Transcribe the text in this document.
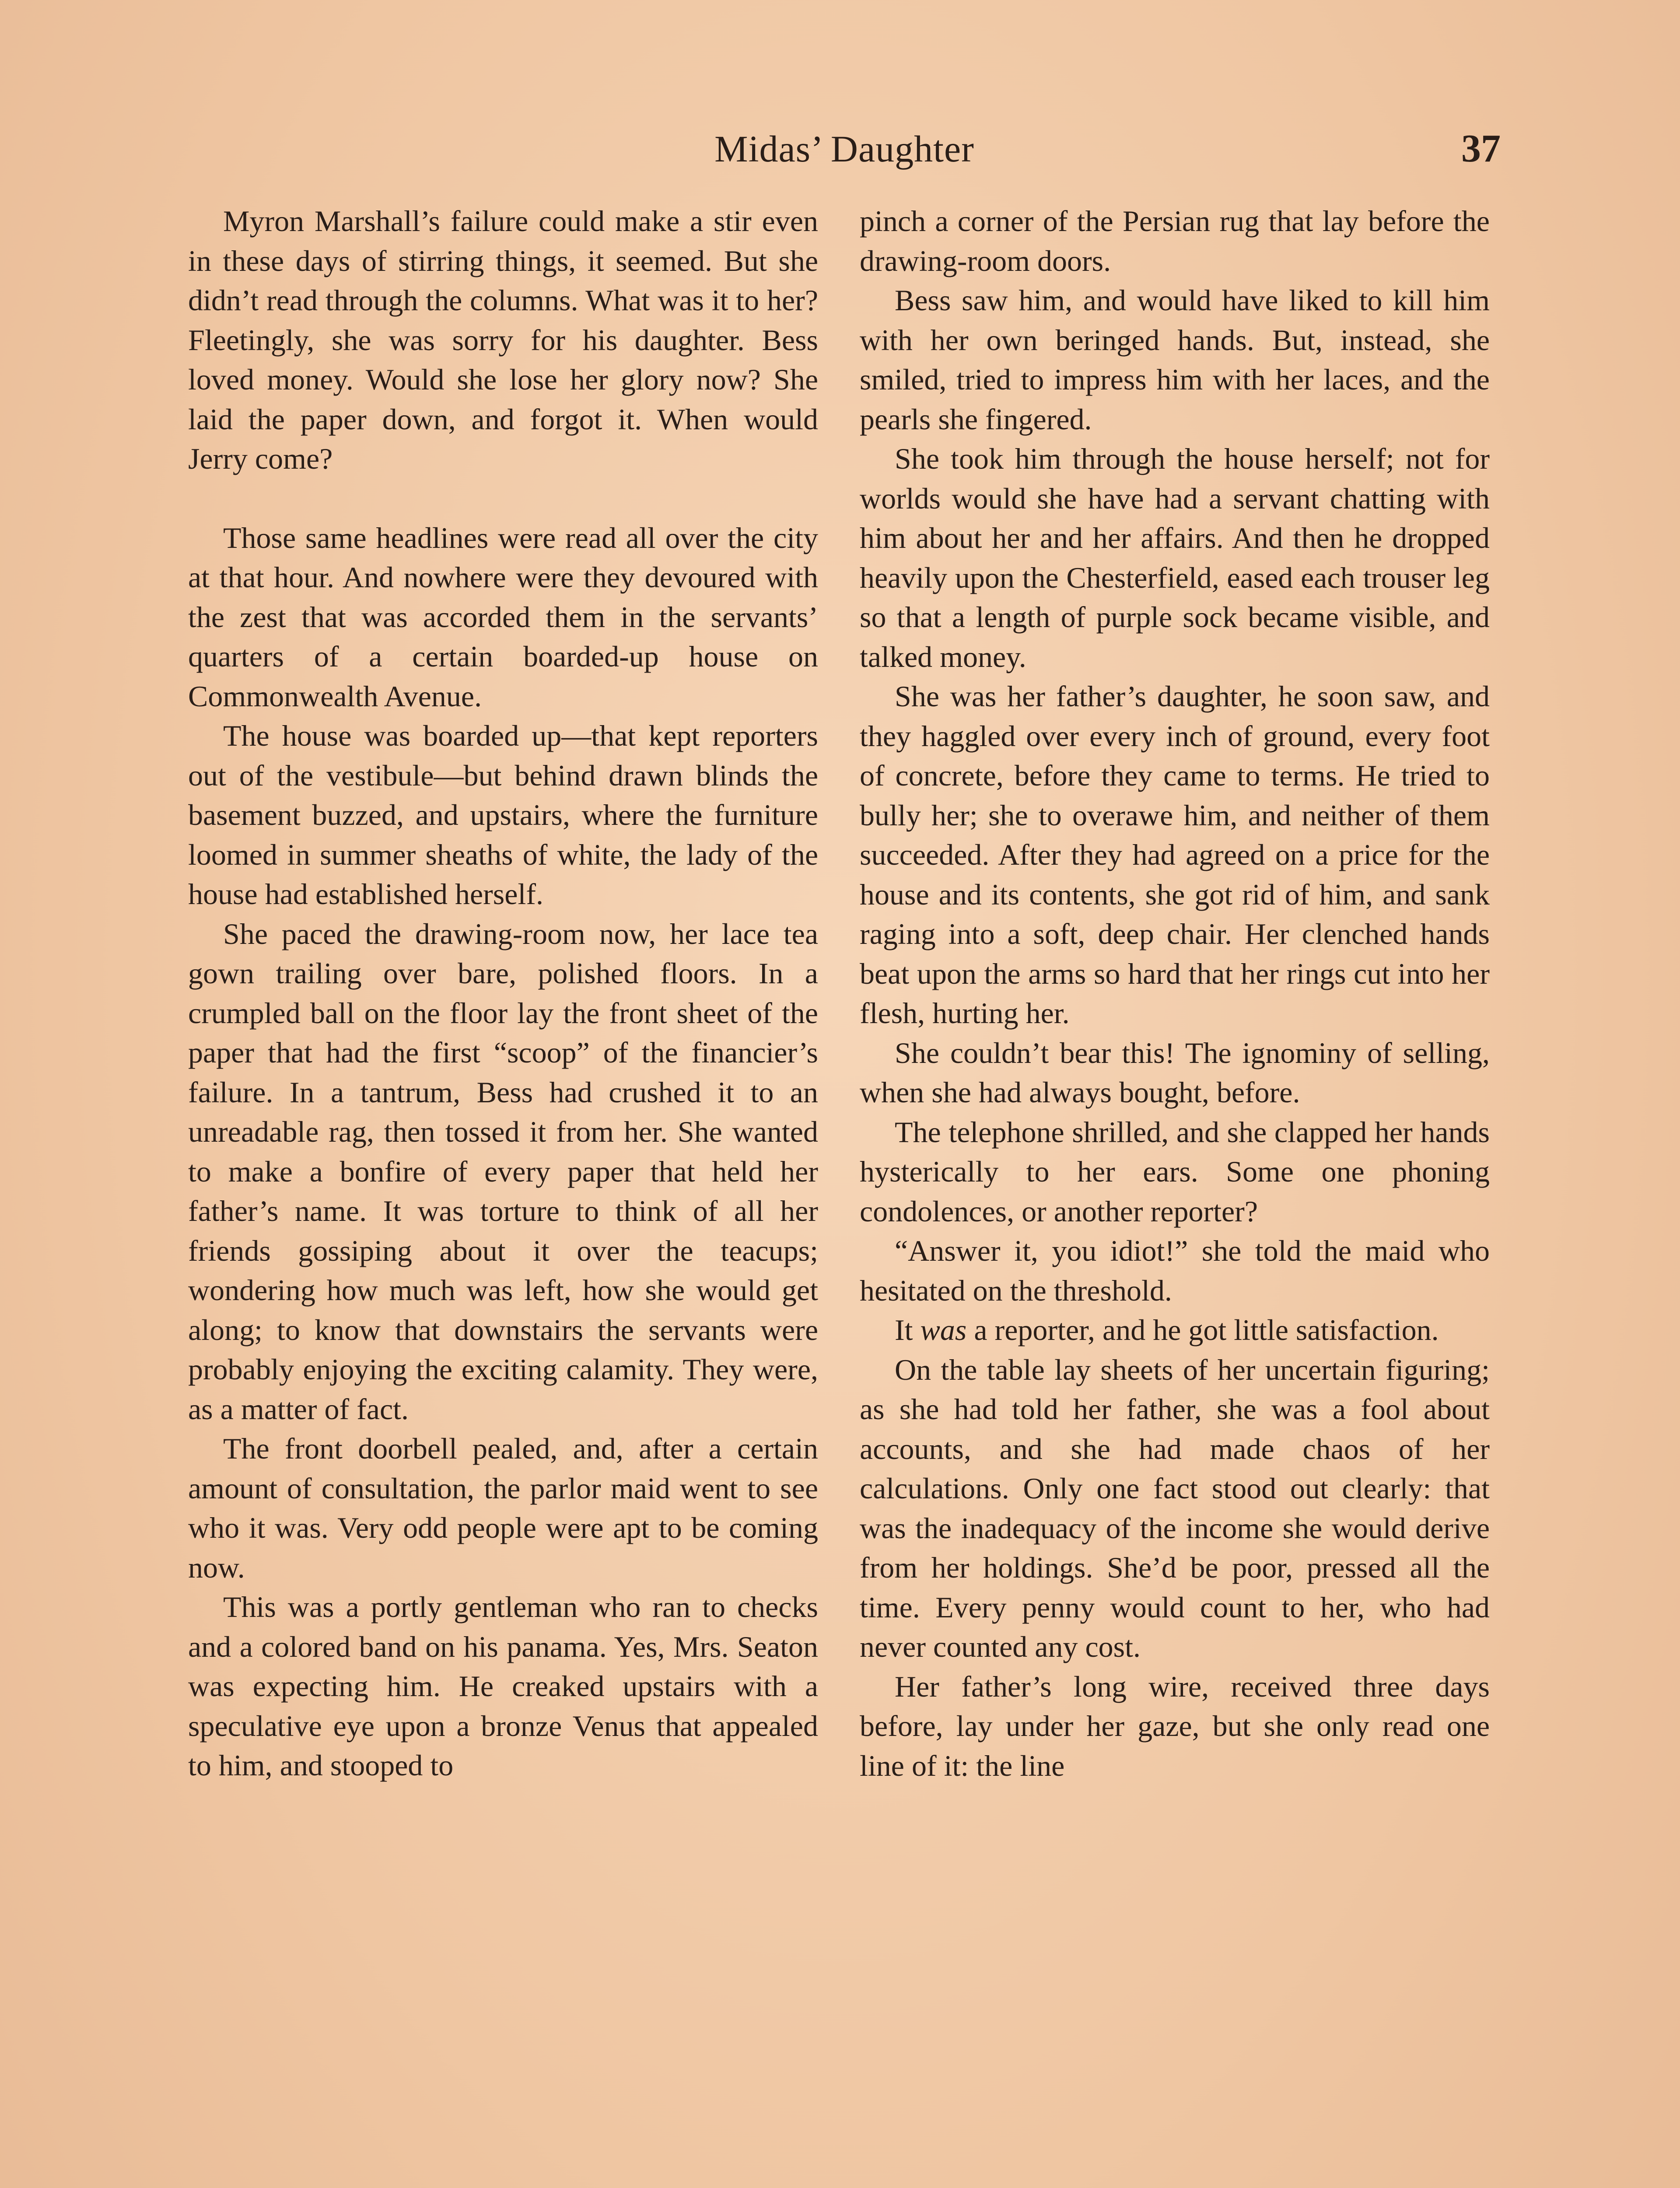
Midas’ Daughter	37

Myron Marshall’s failure could make a stir even in these days of stirring things, it seemed. But she didn’t read through the columns. What was it to her? Fleetingly, she was sorry for his daughter. Bess loved money. Would she lose her glory now? She laid the paper down, and forgot it. When would Jerry come?

Those same headlines were read all over the city at that hour. And nowhere were they devoured with the zest that was accorded them in the servants’ quarters of a certain boarded-up house on Commonwealth Avenue.

The house was boarded up—that kept reporters out of the vestibule—but behind drawn blinds the basement buzzed, and upstairs, where the furniture loomed in summer sheaths of white, the lady of the house had established herself.

She paced the drawing-room now, her lace tea gown trailing over bare, polished floors. In a crumpled ball on the floor lay the front sheet of the paper that had the first “scoop” of the financier’s failure. In a tantrum, Bess had crushed it to an unreadable rag, then tossed it from her. She wanted to make a bonfire of every paper that held her father’s name. It was torture to think of all her friends gossiping about it over the teacups; wondering how much was left, how she would get along; to know that downstairs the servants were probably enjoying the exciting calamity. They were, as a matter of fact.

The front doorbell pealed, and, after a certain amount of consultation, the parlor maid went to see who it was. Very odd people were apt to be coming now.

This was a portly gentleman who ran to checks and a colored band on his panama. Yes, Mrs. Seaton was expecting him. He creaked upstairs with a speculative eye upon a bronze Venus that appealed to him, and stooped to

pinch a corner of the Persian rug that lay before the drawing-room doors.

Bess saw him, and would have liked to kill him with her own beringed hands. But, instead, she smiled, tried to impress him with her laces, and the pearls she fingered.

She took him through the house herself; not for worlds would she have had a servant chatting with him about her and her affairs. And then he dropped heavily upon the Chesterfield, eased each trouser leg so that a length of purple sock became visible, and talked money.

She was her father’s daughter, he soon saw, and they haggled over every inch of ground, every foot of concrete, before they came to terms. He tried to bully her; she to overawe him, and neither of them succeeded. After they had agreed on a price for the house and its contents, she got rid of him, and sank raging into a soft, deep chair. Her clenched hands beat upon the arms so hard that her rings cut into her flesh, hurting her.

She couldn’t bear this! The ignominy of selling, when she had always bought, before.

The telephone shrilled, and she clapped her hands hysterically to her ears. Some one phoning condolences, or another reporter?

“Answer it, you idiot!” she told the maid who hesitated on the threshold.

It was a reporter, and he got little satisfaction.

On the table lay sheets of her uncertain figuring; as she had told her father, she was a fool about accounts, and she had made chaos of her calculations. Only one fact stood out clearly: that was the inadequacy of the income she would derive from her holdings. She’d be poor, pressed all the time. Every penny would count to her, who had never counted any cost.

Her father’s long wire, received three days before, lay under her gaze, but she only read one line of it: the line
